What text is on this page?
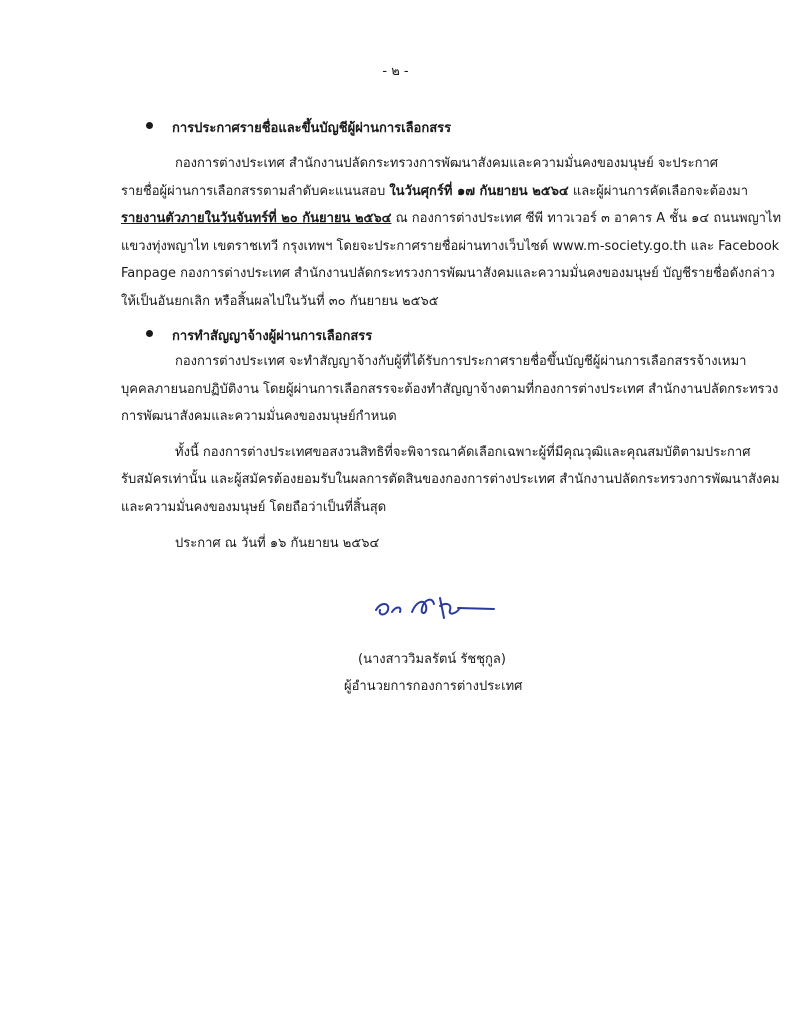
- ๒ -
การประกาศรายชื่อและขึ้นบัญชีผู้ผ่านการเลือกสรร
กองการต่างประเทศ สำนักงานปลัดกระทรวงการพัฒนาสังคมและความมั่นคงของมนุษย์ จะประกาศ
รายชื่อผู้ผ่านการเลือกสรรตามลำดับคะแนนสอบ ในวันศุกร์ที่ ๑๗ กันยายน ๒๕๖๔ และผู้ผ่านการคัดเลือกจะต้องมา
รายงานตัวภายในวันจันทร์ที่ ๒๐ กันยายน ๒๕๖๔ ณ กองการต่างประเทศ ซีพี ทาวเวอร์ ๓ อาคาร A ชั้น ๑๔ ถนนพญาไท
แขวงทุ่งพญาไท เขตราชเทวี กรุงเทพฯ โดยจะประกาศรายชื่อผ่านทางเว็บไซต์ www.m-society.go.th และ Facebook
Fanpage กองการต่างประเทศ สำนักงานปลัดกระทรวงการพัฒนาสังคมและความมั่นคงของมนุษย์ บัญชีรายชื่อดังกล่าว
ให้เป็นอันยกเลิก หรือสิ้นผลไปในวันที่ ๓๐ กันยายน ๒๕๖๕
การทำสัญญาจ้างผู้ผ่านการเลือกสรร
กองการต่างประเทศ จะทำสัญญาจ้างกับผู้ที่ได้รับการประกาศรายชื่อขึ้นบัญชีผู้ผ่านการเลือกสรรจ้างเหมา
บุคคลภายนอกปฏิบัติงาน โดยผู้ผ่านการเลือกสรรจะต้องทำสัญญาจ้างตามที่กองการต่างประเทศ สำนักงานปลัดกระทรวง
การพัฒนาสังคมและความมั่นคงของมนุษย์กำหนด
ทั้งนี้ กองการต่างประเทศขอสงวนสิทธิที่จะพิจารณาคัดเลือกเฉพาะผู้ที่มีคุณวุฒิและคุณสมบัติตามประกาศ
รับสมัครเท่านั้น และผู้สมัครต้องยอมรับในผลการตัดสินของกองการต่างประเทศ สำนักงานปลัดกระทรวงการพัฒนาสังคม
และความมั่นคงของมนุษย์ โดยถือว่าเป็นที่สิ้นสุด
ประกาศ ณ วันที่ ๑๖ กันยายน ๒๕๖๔
(นางสาววิมลรัตน์ รัชชุกูล)
ผู้อำนวยการกองการต่างประเทศ
